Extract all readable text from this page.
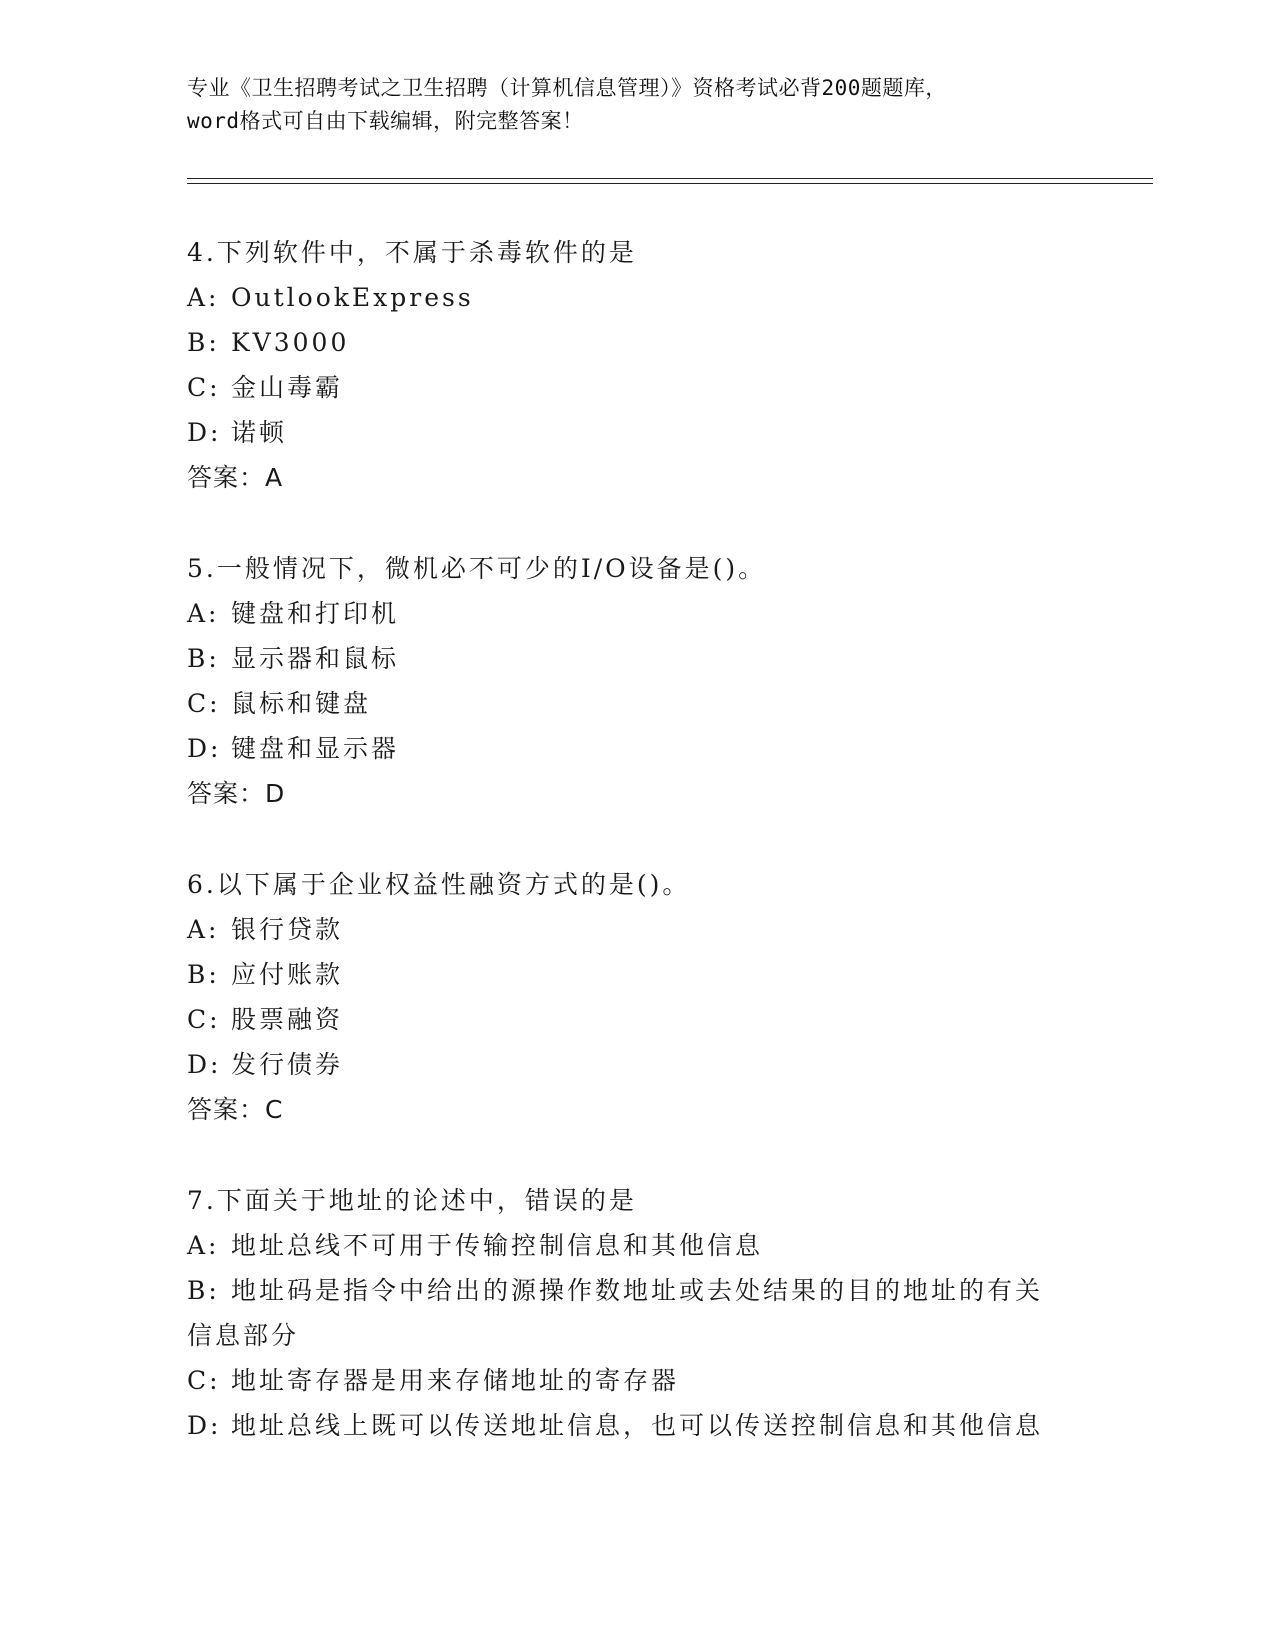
专业《卫生招聘考试之卫生招聘（计算机信息管理）》资格考试必背200题题库，
word格式可自由下载编辑，附完整答案！
4.下列软件中，不属于杀毒软件的是
A: OutlookExpress
B: KV3000
C: 金山毒霸
D: 诺顿
答案：A
5.一般情况下，微机必不可少的I/O设备是()。
A: 键盘和打印机
B: 显示器和鼠标
C: 鼠标和键盘
D: 键盘和显示器
答案：D
6.以下属于企业权益性融资方式的是()。
A: 银行贷款
B: 应付账款
C: 股票融资
D: 发行债券
答案：C
7.下面关于地址的论述中，错误的是
A: 地址总线不可用于传输控制信息和其他信息
B: 地址码是指令中给出的源操作数地址或去处结果的目的地址的有关信息部分
C: 地址寄存器是用来存储地址的寄存器
D: 地址总线上既可以传送地址信息，也可以传送控制信息和其他信息
